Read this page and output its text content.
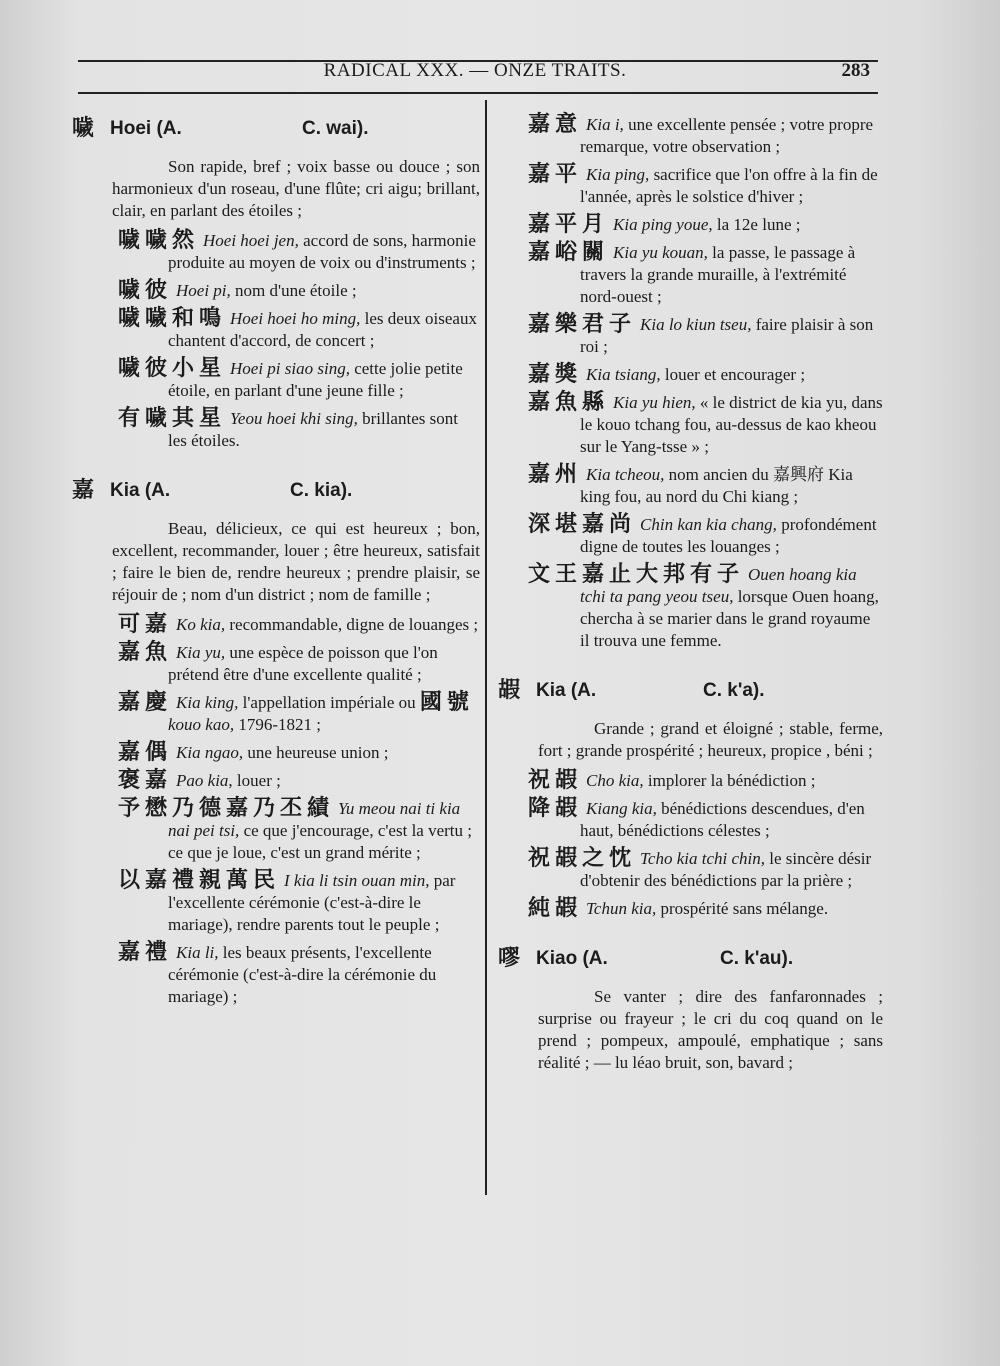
RADICAL XXX. — ONZE TRAITS.	283
噦 Hoei (A.	C. wai).

Son rapide, bref ; voix basse ou douce ; son harmonieux d'un roseau, d'une flûte; cri aigu; brillant, clair, en parlant des étoiles ;

噦噦然 Hoei hoei jen, accord de sons, harmonie produite au moyen de voix ou d'instruments ;
噦彼 Hoei pi, nom d'une étoile ;
噦噦和鳴 Hoei hoei ho ming, les deux oiseaux chantent d'accord, de concert ;
噦彼小星 Hoei pi siao sing, cette jolie petite étoile, en parlant d'une jeune fille ;
有噦其星 Yeou hoei khi sing, brillantes sont les étoiles.
嘉 Kia (A.	C. kia).

Beau, délicieux, ce qui est heureux ; bon, excellent, recommander, louer ; être heureux, satisfait ; faire le bien de, rendre heureux ; prendre plaisir, se réjouir de ; nom d'un district ; nom de famille ;

可嘉 Ko kia, recommandable, digne de louanges ;
嘉魚 Kia yu, une espèce de poisson que l'on prétend être d'une excellente qualité ;
嘉慶 Kia king, l'appellation impériale ou 國號kouo kao, 1796-1821 ;
嘉偶 Kia ngao, une heureuse union ;
褒嘉 Pao kia, louer ;
予懋乃德嘉乃丕績 Yu meou nai ti kia nai pei tsi, ce que j'encourage, c'est la vertu ; ce que je loue, c'est un grand mérite ;
以嘉禮親萬民 I kia li tsin ouan min, par l'excellente cérémonie (c'est-à-dire le mariage), rendre parents tout le peuple ;
嘉禮 Kia li, les beaux présents, l'excellente cérémonie (c'est-à-dire la cérémonie du mariage) ;
嘉意 Kia i, une excellente pensée ; votre propre remarque, votre observation ;
嘉平 Kia ping, sacrifice que l'on offre à la fin de l'année, après le solstice d'hiver ;
嘉平月 Kia ping youe, la 12e lune ;
嘉峪關 Kia yu kouan, la passe, le passage à travers la grande muraille, à l'extrémité nord-ouest ;
嘉樂君子 Kia lo kiun tseu, faire plaisir à son roi ;
嘉獎 Kia tsiang, louer et encourager ;
嘉魚縣 Kia yu hien, « le district de kia yu, dans le kouo tchang fou, au-dessus de kao kheou sur le Yang-tsse » ;
嘉州 Kia tcheou, nom ancien du 嘉興府 Kia king fou, au nord du Chi kiang ;
深堪嘉尚 Chin kan kia chang, profondément digne de toutes les louanges ;
文王嘉止大邦有子 Ouen hoang kia tchi ta pang yeou tseu, lorsque Ouen hoang, chercha à se marier dans le grand royaume il trouva une femme.
嘏 Kia (A.	C. k'a).

Grande ; grand et éloigné ; stable, ferme, fort ; grande prospérité ; heureux, propice , béni ;

祝嘏 Cho kia, implorer la bénédiction ;
降嘏 Kiang kia, bénédictions descendues, d'en haut, bénédictions célestes ;
祝嘏之忱 Tcho kia tchi chin, le sincère désir d'obtenir des bénédictions par la prière ;
純嘏 Tchun kia, prospérité sans mélange.
嘐 Kiao (A.	C. k'au).

Se vanter ; dire des fanfaronnades ; surprise ou frayeur ; le cri du coq quand on le prend ; pompeux, ampoulé, emphatique ; sans réalité ; — lu léao bruit, son, bavard ;
